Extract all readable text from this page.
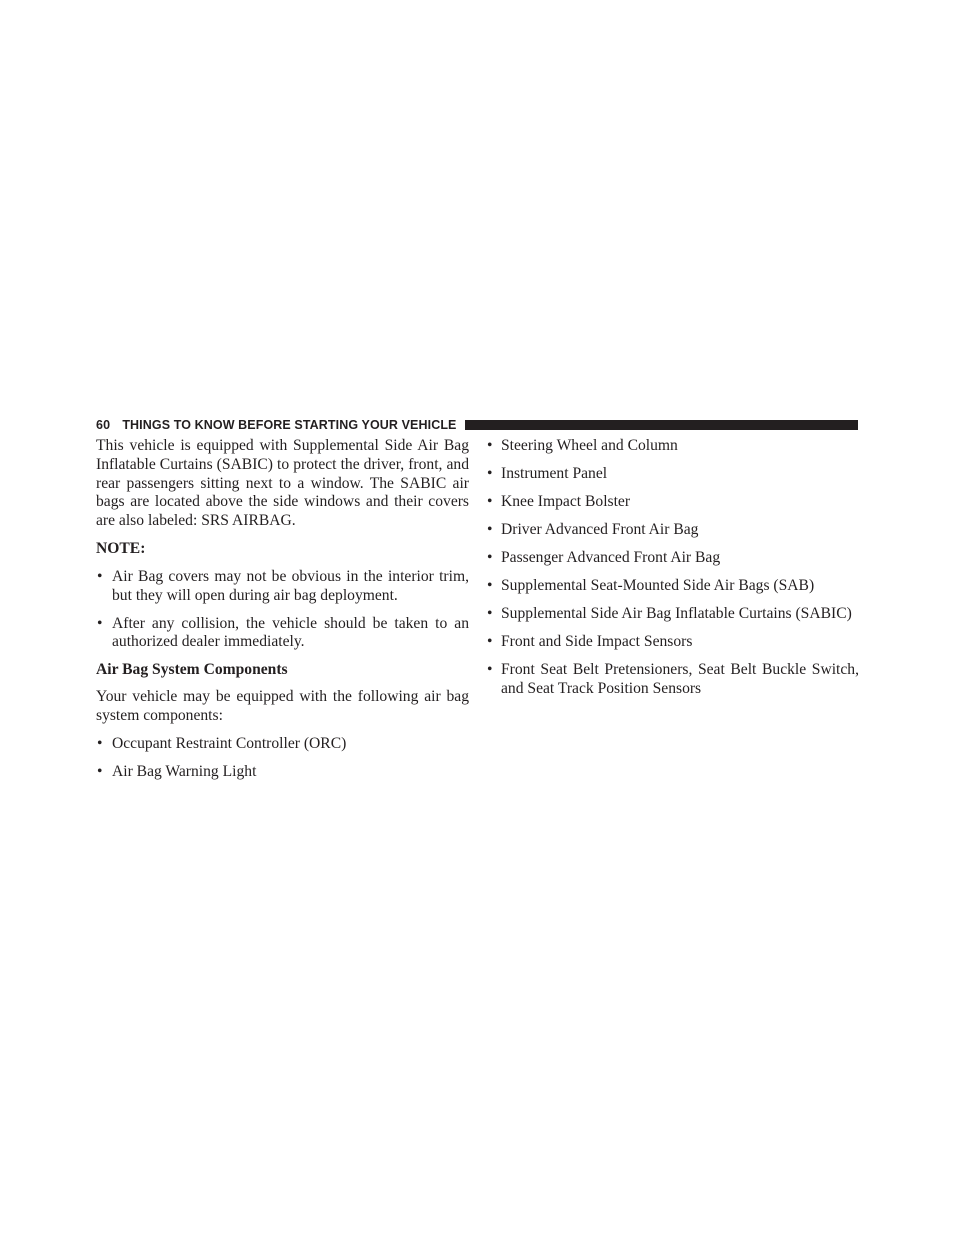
60 THINGS TO KNOW BEFORE STARTING YOUR VEHICLE

This vehicle is equipped with Supplemental Side Air Bag Inflatable Curtains (SABIC) to protect the driver, front, and rear passengers sitting next to a window. The SABIC air bags are located above the side windows and their covers are also labeled: SRS AIRBAG.

NOTE:
• Air Bag covers may not be obvious in the interior trim, but they will open during air bag deployment.
• After any collision, the vehicle should be taken to an authorized dealer immediately.
Air Bag System Components

Your vehicle may be equipped with the following air bag system components:

• Occupant Restraint Controller (ORC)
• Air Bag Warning Light
• Steering Wheel and Column
• Instrument Panel
• Knee Impact Bolster
• Driver Advanced Front Air Bag
• Passenger Advanced Front Air Bag
• Supplemental Seat-Mounted Side Air Bags (SAB)
• Supplemental Side Air Bag Inflatable Curtains (SABIC)
• Front and Side Impact Sensors
• Front Seat Belt Pretensioners, Seat Belt Buckle Switch, and Seat Track Position Sensors
